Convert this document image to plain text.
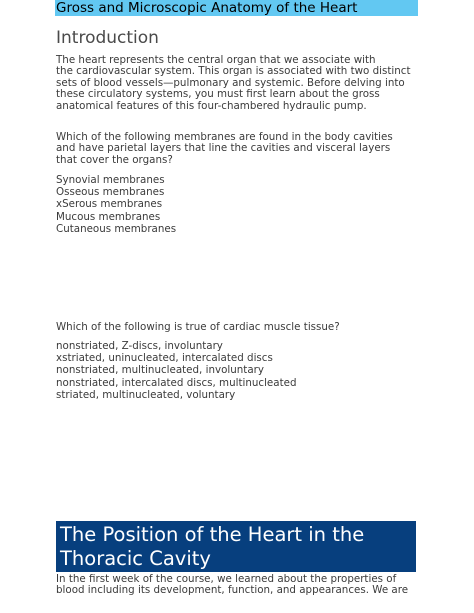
Gross and Microscopic Anatomy of the Heart
Introduction

The heart represents the central organ that we associate with
the cardiovascular system. This organ is associated with two distinct
sets of blood vessels—pulmonary and systemic. Before delving into
these circulatory systems, you must first learn about the gross
anatomical features of this four-chambered hydraulic pump.

Which of the following membranes are found in the body cavities
and have parietal layers that line the cavities and visceral layers
that cover the organs?

Synovial membranes
Osseous membranes
xSerous membranes
Mucous membranes
Cutaneous membranes

Which of the following is true of cardiac muscle tissue?

nonstriated, Z-discs, involuntary
xstriated, uninucleated, intercalated discs
nonstriated, multinucleated, involuntary
nonstriated, intercalated discs, multinucleated
striated, multinucleated, voluntary
The Position of the Heart in the
Thoracic Cavity

In the first week of the course, we learned about the properties of
blood including its development, function, and appearances. We are
